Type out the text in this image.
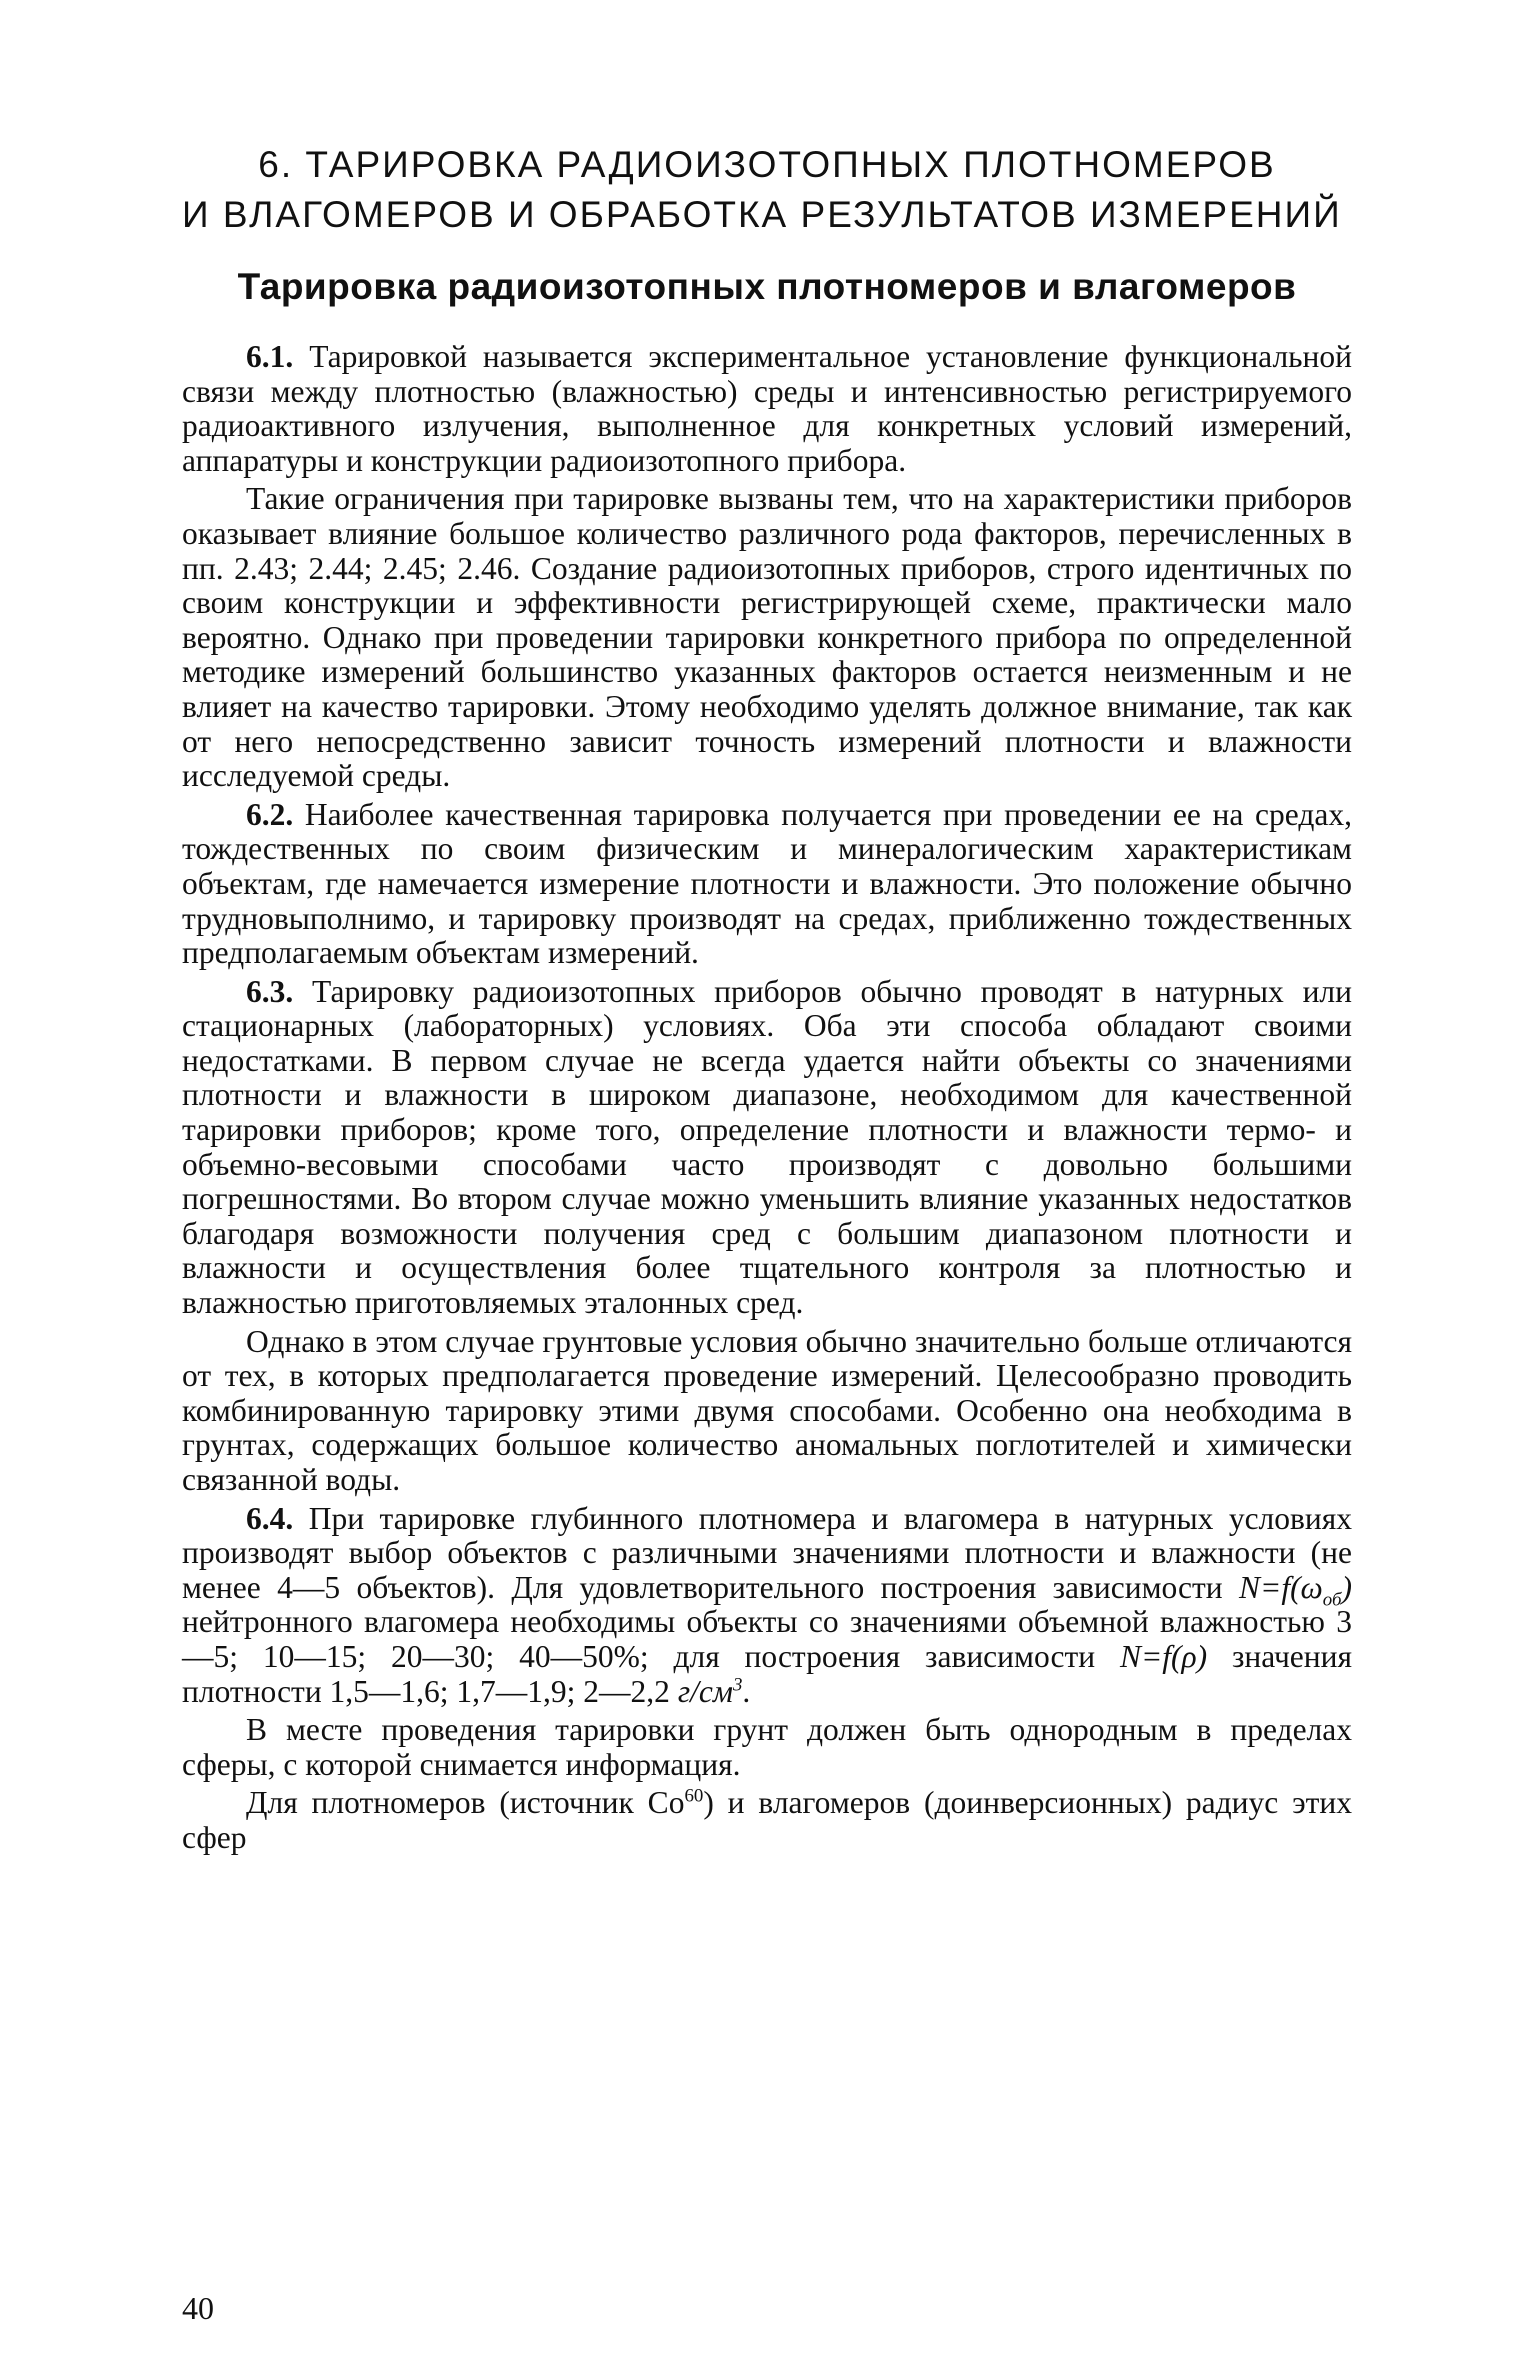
6. ТАРИРОВКА РАДИОИЗОТОПНЫХ ПЛОТНОМЕРОВ
И ВЛАГОМЕРОВ И ОБРАБОТКА РЕЗУЛЬТАТОВ ИЗМЕРЕНИЙ
Тарировка радиоизотопных плотномеров и влагомеров

6.1. Тарировкой называется экспериментальное установление функциональной связи между плотностью (влажностью) среды и интенсивностью регистрируемого радиоактивного излучения, выполненное для конкретных условий измерений, аппаратуры и конструкции радиоизотопного прибора.

Такие ограничения при тарировке вызваны тем, что на характеристики приборов оказывает влияние большое количество различного рода факторов, перечисленных в пп. 2.43; 2.44; 2.45; 2.46. Создание радиоизотопных приборов, строго идентичных по своим конструкции и эффективности регистрирующей схеме, практически мало вероятно. Однако при проведении тарировки конкретного прибора по определенной методике измерений большинство указанных факторов остается неизменным и не влияет на качество тарировки. Этому необходимо уделять должное внимание, так как от него непосредственно зависит точность измерений плотности и влажности исследуемой среды.

6.2. Наиболее качественная тарировка получается при проведении ее на средах, тождественных по своим физическим и минералогическим характеристикам объектам, где намечается измерение плотности и влажности. Это положение обычно трудновыполнимо, и тарировку производят на средах, приближенно тождественных предполагаемым объектам измерений.

6.3. Тарировку радиоизотопных приборов обычно проводят в натурных или стационарных (лабораторных) условиях. Оба эти способа обладают своими недостатками. В первом случае не всегда удается найти объекты со значениями плотности и влажности в широком диапазоне, необходимом для качественной тарировки приборов; кроме того, определение плотности и влажности термо- и объемно-весовыми способами часто производят с довольно большими погрешностями. Во втором случае можно уменьшить влияние указанных недостатков благодаря возможности получения сред с большим диапазоном плотности и влажности и осуществления более тщательного контроля за плотностью и влажностью приготовляемых эталонных сред.

Однако в этом случае грунтовые условия обычно значительно больше отличаются от тех, в которых предполагается проведение измерений. Целесообразно проводить комбинированную тарировку этими двумя способами. Особенно она необходима в грунтах, содержащих большое количество аномальных поглотителей и химически связанной воды.

6.4. При тарировке глубинного плотномера и влагомера в натурных условиях производят выбор объектов с различными значениями плотности и влажности (не менее 4—5 объектов). Для удовлетворительного построения зависимости $N=f(\omega_{об})$ нейтронного влагомера необходимы объекты со значениями объемной влажностью 3—5; 10—15; 20—30; 40—50%; для построения зависимости N=f(ρ) значения плотности 1,5—1,6; 1,7—1,9; 2—2,2 $г/см^3$.

В месте проведения тарировки грунт должен быть однородным в пределах сферы, с которой снимается информация.

Для плотномеров (источник Co$^{60}$) и влагомеров (доинверсионных) радиус этих сфер

40
